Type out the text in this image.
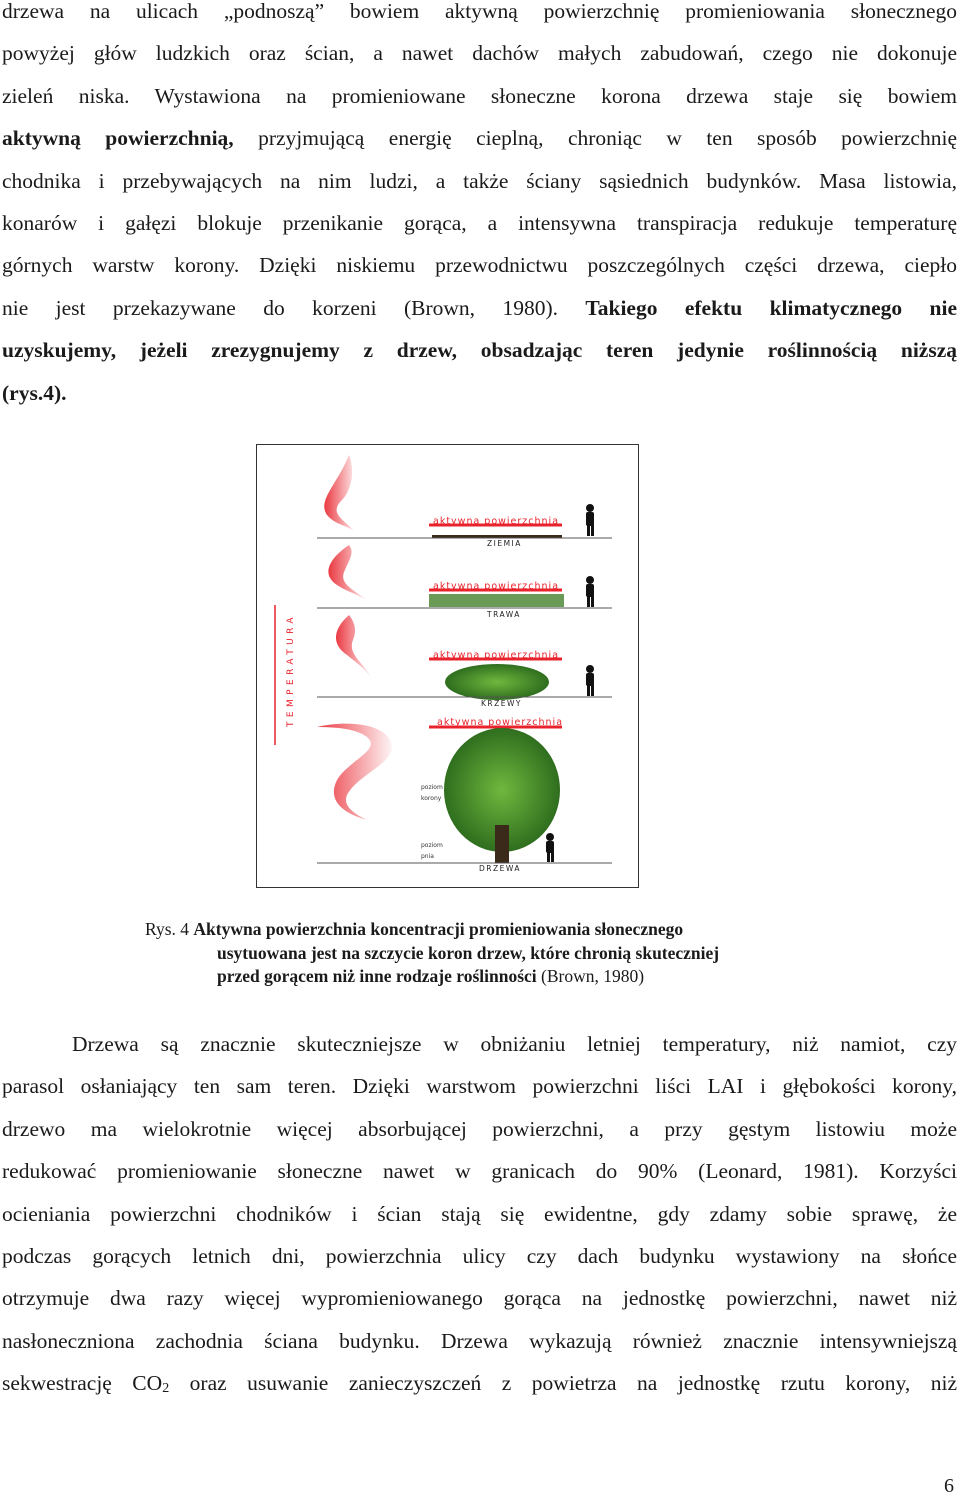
drzewa na ulicach „podnoszą” bowiem aktywną powierzchnię promieniowania słonecznego
powyżej głów ludzkich oraz ścian, a nawet dachów małych zabudowań, czego nie dokonuje
zieleń niska. Wystawiona na promieniowane słoneczne korona drzewa staje się bowiem
aktywną powierzchnią, przyjmującą energię cieplną, chroniąc w ten sposób powierzchnię
chodnika i przebywających na nim ludzi, a także ściany sąsiednich budynków. Masa listowia,
konarów i gałęzi blokuje przenikanie gorąca, a intensywna transpiracja redukuje temperaturę
górnych warstw korony. Dzięki niskiemu przewodnictwu poszczególnych części drzewa, ciepło
nie jest przekazywane do korzeni (Brown, 1980). Takiego efektu klimatycznego nie
uzyskujemy, jeżeli zrezygnujemy z drzew, obsadzając teren jedynie roślinnością niższą
(rys.4).
TEMPERATURA
aktywna powierzchnia
ZIEMIA
aktywna powierzchnia
TRAWA
aktywna powierzchnia
KRZEWY
aktywna powierzchnia
DRZEWA
poziom
korony
poziom
pnia
Rys. 4 Aktywna powierzchnia koncentracji promieniowania słonecznego
usytuowana jest na szczycie koron drzew, które chronią skuteczniej
przed gorącem niż inne rodzaje roślinności (Brown, 1980)
Drzewa są znacznie skuteczniejsze w obniżaniu letniej temperatury, niż namiot, czy
parasol osłaniający ten sam teren. Dzięki warstwom powierzchni liści LAI i głębokości korony,
drzewo ma wielokrotnie więcej absorbującej powierzchni, a przy gęstym listowiu może
redukować promieniowanie słoneczne nawet w granicach do 90% (Leonard, 1981). Korzyści
ocieniania powierzchni chodników i ścian stają się ewidentne, gdy zdamy sobie sprawę, że
podczas gorących letnich dni, powierzchnia ulicy czy dach budynku wystawiony na słońce
otrzymuje dwa razy więcej wypromieniowanego gorąca na jednostkę powierzchni, nawet niż
nasłoneczniona zachodnia ściana budynku. Drzewa wykazują również znacznie intensywniejszą
sekwestrację $CO_2$ oraz usuwanie zanieczyszczeń z powietrza na jednostkę rzutu korony, niż
6
